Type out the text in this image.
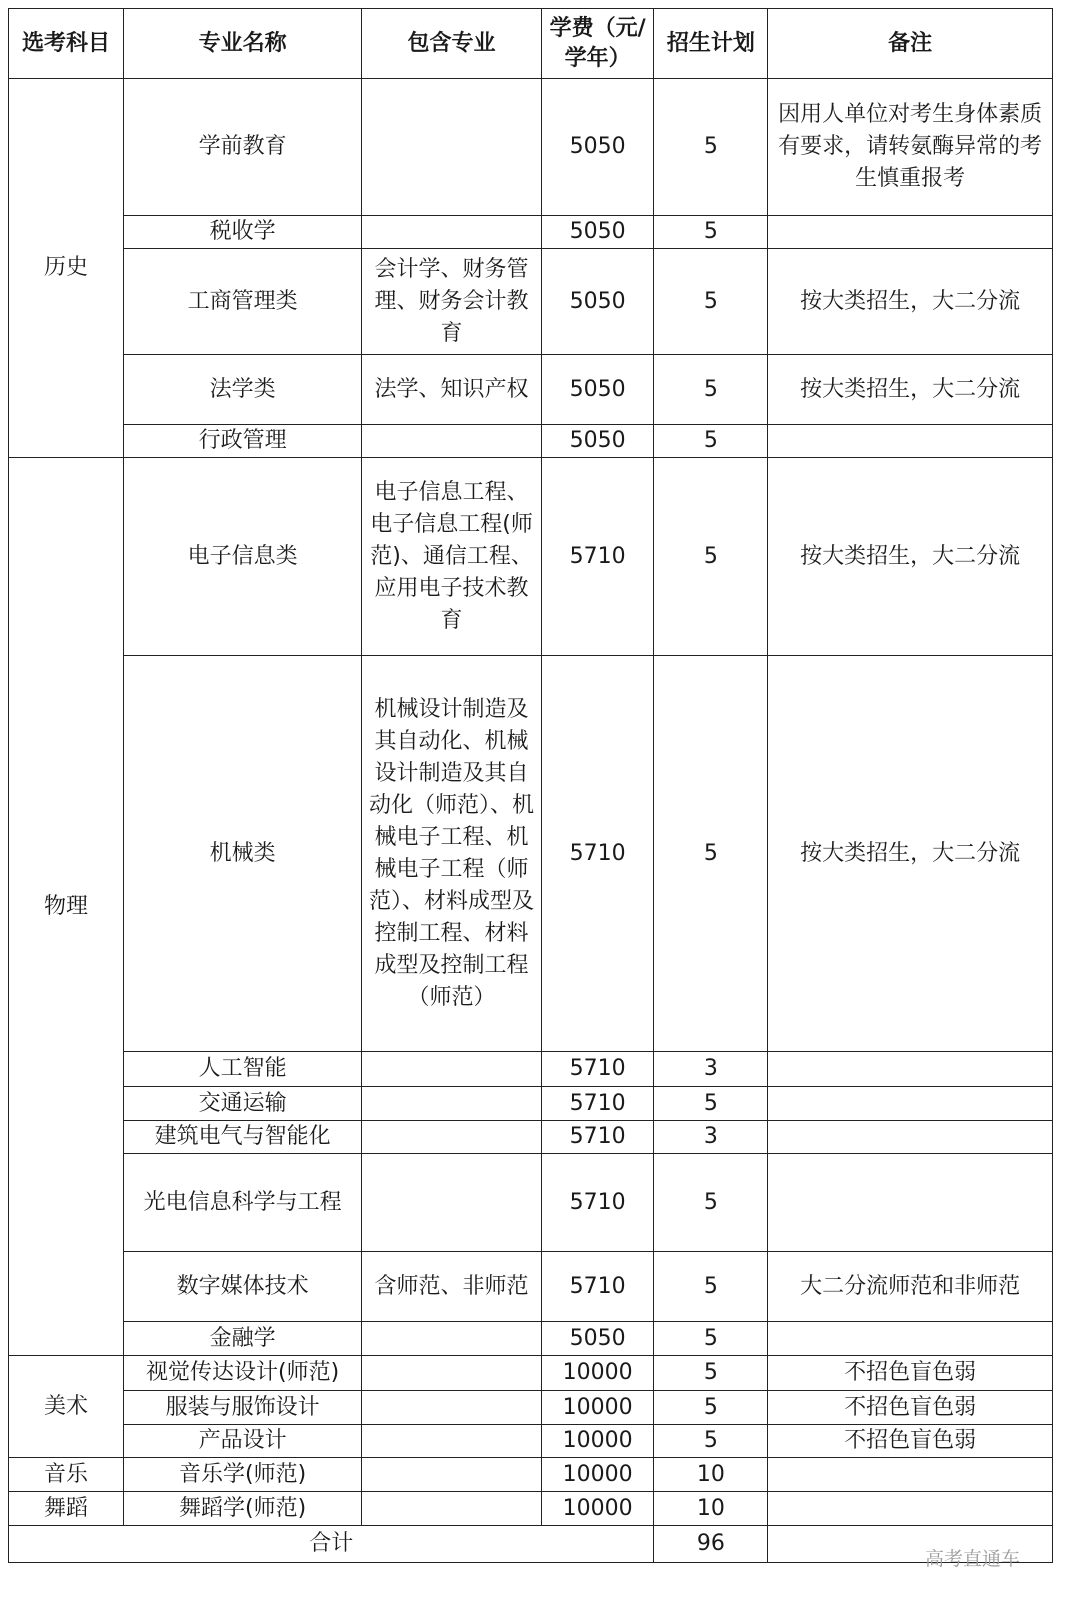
选考科目	专业名称	包含专业	学费（元/学年）	招生计划	备注
历史	学前教育		5050	5	因用人单位对考生身体素质有要求，请转氨酶异常的考生慎重报考
	税收学		5050	5	
	工商管理类	会计学、财务管理、财务会计教育	5050	5	按大类招生，大二分流
	法学类	法学、知识产权	5050	5	按大类招生，大二分流
	行政管理		5050	5	
物理	电子信息类	电子信息工程、电子信息工程(师范)、通信工程、应用电子技术教育	5710	5	按大类招生，大二分流
	机械类	机械设计制造及其自动化、机械设计制造及其自动化（师范）、机械电子工程、机械电子工程（师范）、材料成型及控制工程、材料成型及控制工程（师范）	5710	5	按大类招生，大二分流
	人工智能		5710	3	
	交通运输		5710	5	
	建筑电气与智能化		5710	3	
	光电信息科学与工程		5710	5	
	数字媒体技术	含师范、非师范	5710	5	大二分流师范和非师范
	金融学		5050	5	
美术	视觉传达设计(师范)		10000	5	不招色盲色弱
	服装与服饰设计		10000	5	不招色盲色弱
	产品设计		10000	5	不招色盲色弱
音乐	音乐学(师范)		10000	10	
舞蹈	舞蹈学(师范)		10000	10	
合计				96	
高考直通车
